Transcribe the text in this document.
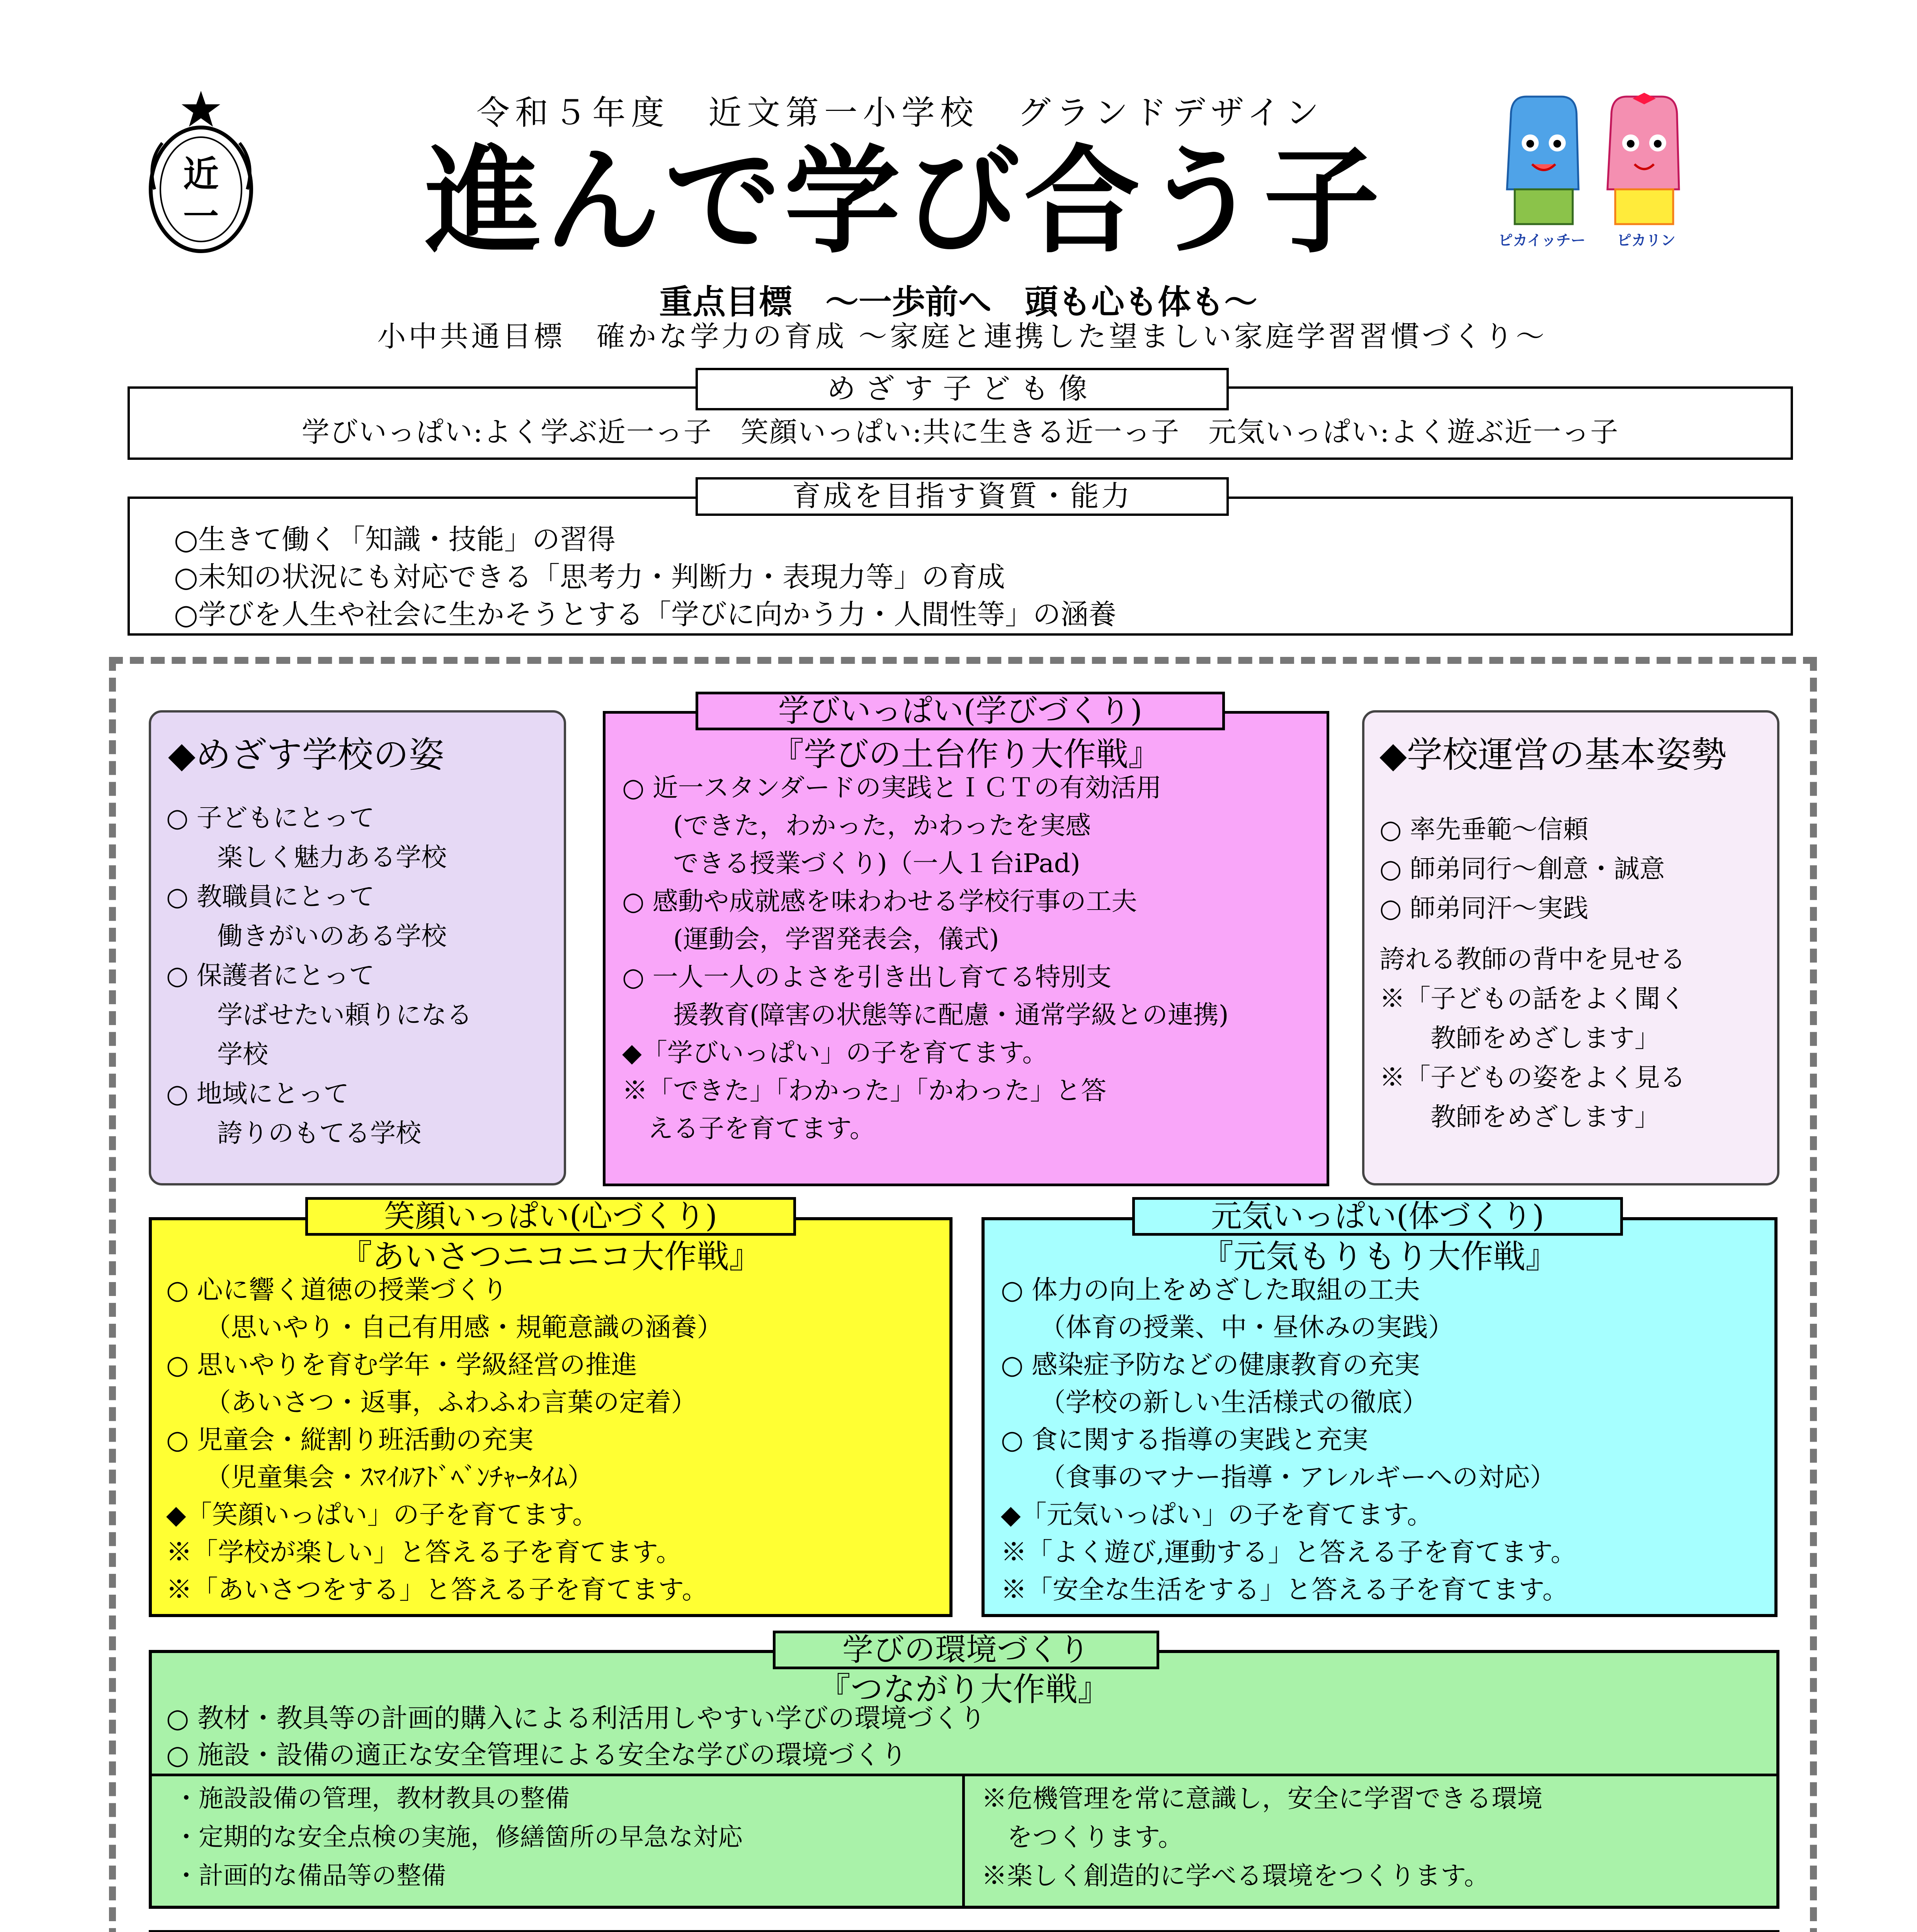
近
一
令和５年度　近文第一小学校　グランドデザイン
進んで学び合う子
重点目標　～一歩前へ　頭も心も体も～
小中共通目標　確かな学力の育成 ～家庭と連携した望ましい家庭学習習慣づくり～
ピカイッチー ピカリン
めざす子ども像
学びいっぱい:よく学ぶ近一っ子　笑顔いっぱい:共に生きる近一っ子　元気いっぱい:よく遊ぶ近一っ子
育成を目指す資質・能力
○生きて働く「知識・技能」の習得
○未知の状況にも対応できる「思考力・判断力・表現力等」の育成
○学びを人生や社会に生かそうとする「学びに向かう力・人間性等」の涵養
◆めざす学校の姿
○ 子どもにとって
　　楽しく魅力ある学校
○ 教職員にとって
　　働きがいのある学校
○ 保護者にとって
　　学ばせたい頼りになる
　　学校
○ 地域にとって
　　誇りのもてる学校
学びいっぱい(学びづくり)
『学びの土台作り大作戦』
○ 近一スタンダードの実践とＩＣＴの有効活用
　　(できた，わかった，かわったを実感
　　できる授業づくり)（一人１台iPad)
○ 感動や成就感を味わわせる学校行事の工夫
　　(運動会，学習発表会，儀式)
○ 一人一人のよさを引き出し育てる特別支
　　援教育(障害の状態等に配慮・通常学級との連携)
◆「学びいっぱい」の子を育てます。
※「できた」「わかった」「かわった」と答
　える子を育てます。
◆学校運営の基本姿勢
○ 率先垂範～信頼
○ 師弟同行～創意・誠意
○ 師弟同汗～実践
誇れる教師の背中を見せる
※「子どもの話をよく聞く
　　教師をめざします」
※「子どもの姿をよく見る
　　教師をめざします」
笑顔いっぱい(心づくり)
『あいさつニコニコ大作戦』
○ 心に響く道徳の授業づくり
　　（思いやり・自己有用感・規範意識の涵養）
○ 思いやりを育む学年・学級経営の推進
　　（あいさつ・返事，ふわふわ言葉の定着）
○ 児童会・縦割り班活動の充実
　　（児童集会・ｽﾏｲﾙｱﾄﾞﾍﾞﾝﾁｬｰﾀｲﾑ）
◆「笑顔いっぱい」の子を育てます。
※「学校が楽しい」と答える子を育てます。
※「あいさつをする」と答える子を育てます。
元気いっぱい(体づくり)
『元気もりもり大作戦』
○ 体力の向上をめざした取組の工夫
　　（体育の授業、中・昼休みの実践）
○ 感染症予防などの健康教育の充実
　　（学校の新しい生活様式の徹底）
○ 食に関する指導の実践と充実
　　（食事のマナー指導・アレルギーへの対応）
◆「元気いっぱい」の子を育てます。
※「よく遊び,運動する」と答える子を育てます。
※「安全な生活をする」と答える子を育てます。
学びの環境づくり
『つながり大作戦』
○ 教材・教具等の計画的購入による利活用しやすい学びの環境づくり
○ 施設・設備の適正な安全管理による安全な学びの環境づくり
・施設設備の管理，教材教具の整備
・定期的な安全点検の実施，修繕箇所の早急な対応
・計画的な備品等の整備
※危機管理を常に意識し，安全に学習できる環境
　をつくります。
※楽しく創造的に学べる環境をつくります。
